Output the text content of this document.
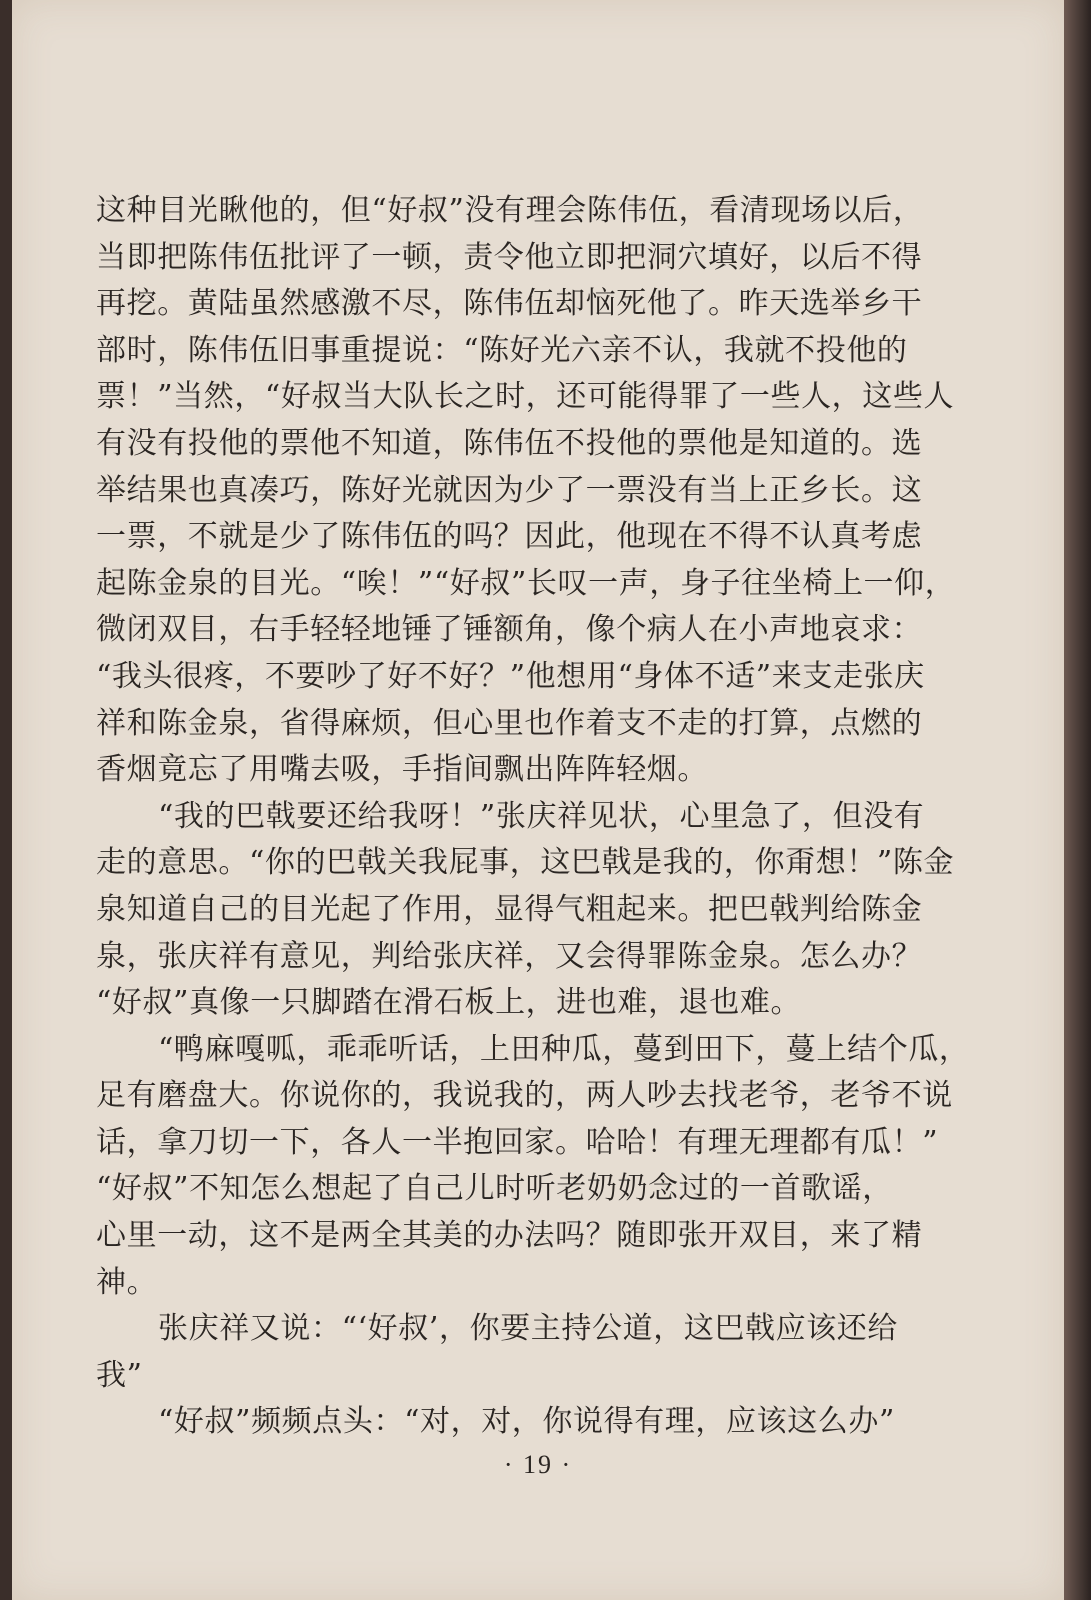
这种目光瞅他的，但“好叔”没有理会陈伟伍，看清现场以后，
当即把陈伟伍批评了一顿，责令他立即把洞穴填好，以后不得
再挖。黄陆虽然感激不尽，陈伟伍却恼死他了。昨天选举乡干
部时，陈伟伍旧事重提说：“陈好光六亲不认，我就不投他的
票！”当然，“好叔当大队长之时，还可能得罪了一些人，这些人
有没有投他的票他不知道，陈伟伍不投他的票他是知道的。选
举结果也真凑巧，陈好光就因为少了一票没有当上正乡长。这
一票，不就是少了陈伟伍的吗？因此，他现在不得不认真考虑
起陈金泉的目光。“唉！”“好叔”长叹一声，身子往坐椅上一仰，
微闭双目，右手轻轻地锤了锤额角，像个病人在小声地哀求：
“我头很疼，不要吵了好不好？”他想用“身体不适”来支走张庆
祥和陈金泉，省得麻烦，但心里也作着支不走的打算，点燃的
香烟竟忘了用嘴去吸，手指间飘出阵阵轻烟。
“我的巴戟要还给我呀！”张庆祥见状，心里急了，但没有
走的意思。“你的巴戟关我屁事，这巴戟是我的，你甭想！”陈金
泉知道自己的目光起了作用，显得气粗起来。把巴戟判给陈金
泉，张庆祥有意见，判给张庆祥，又会得罪陈金泉。怎么办？
“好叔”真像一只脚踏在滑石板上，进也难，退也难。
“鸭麻嘎呱，乖乖听话，上田种瓜，蔓到田下，蔓上结个瓜，
足有磨盘大。你说你的，我说我的，两人吵去找老爷，老爷不说
话，拿刀切一下，各人一半抱回家。哈哈！有理无理都有瓜！”
“好叔”不知怎么想起了自己儿时听老奶奶念过的一首歌谣，
心里一动，这不是两全其美的办法吗？随即张开双目，来了精
神。
张庆祥又说：“‘好叔’，你要主持公道，这巴戟应该还给
我”
“好叔”频频点头：“对，对，你说得有理，应该这么办”
· 19 ·
